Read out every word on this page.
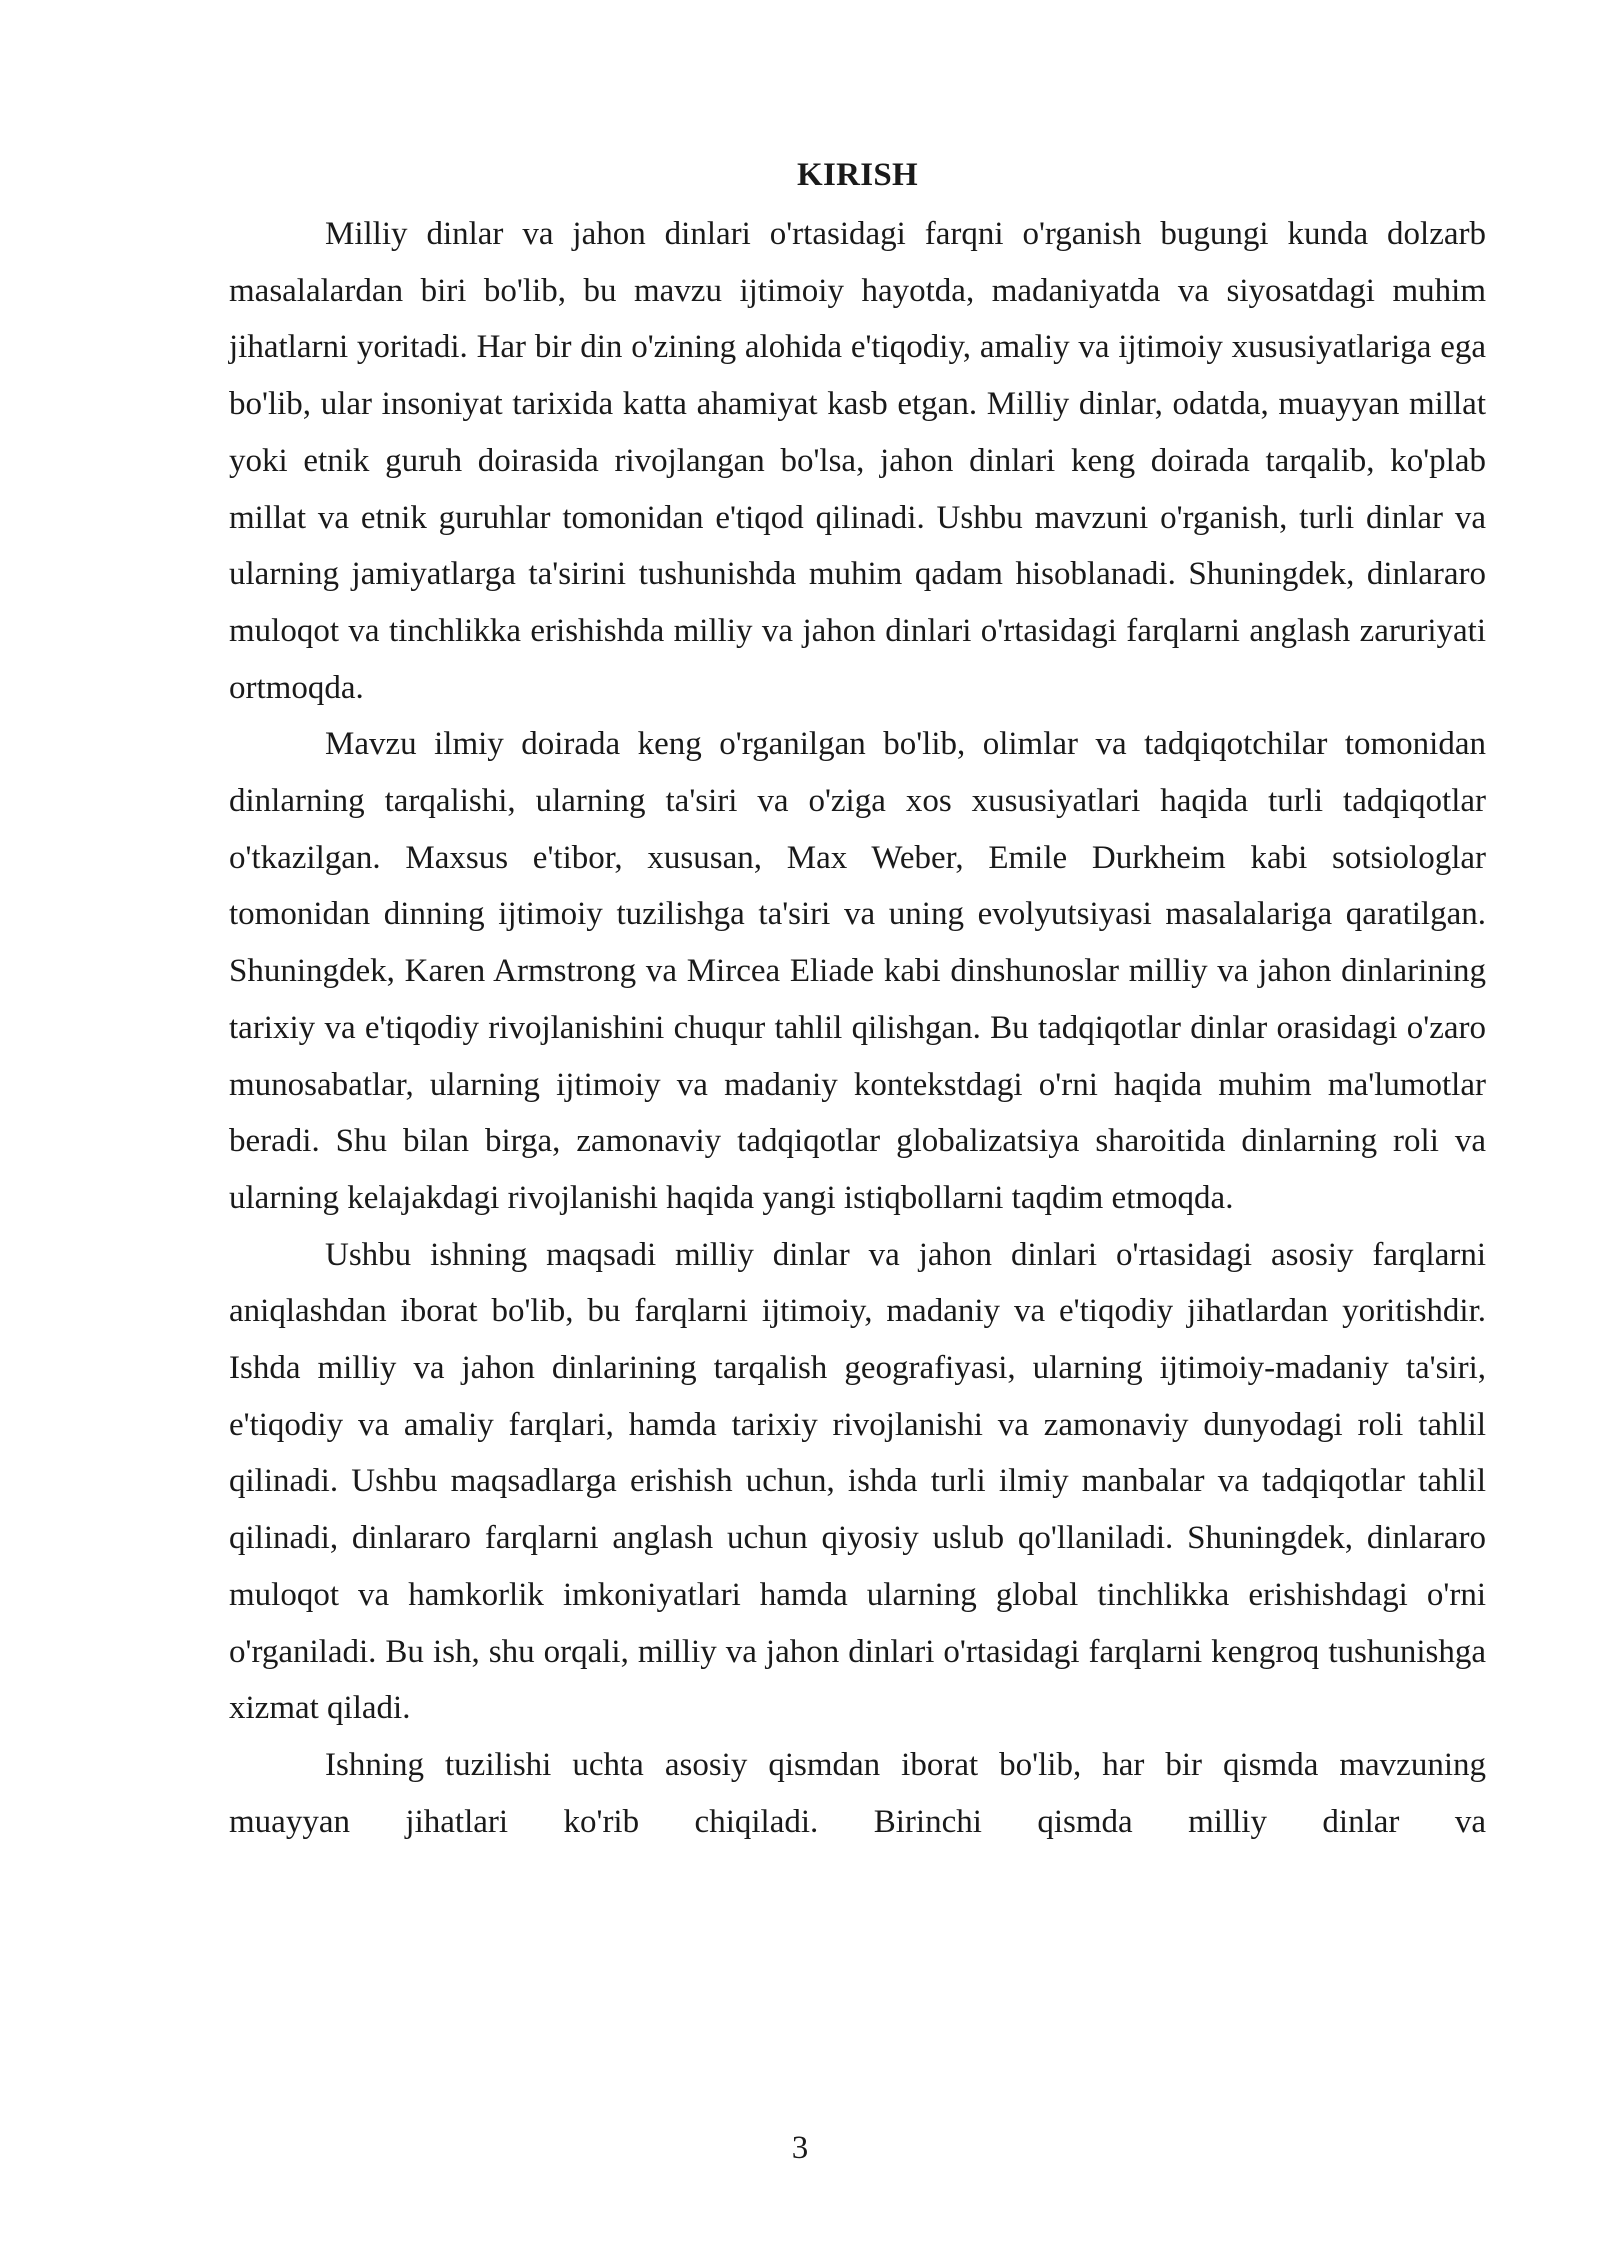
KIRISH

Milliy dinlar va jahon dinlari o'rtasidagi farqni o'rganish bugungi kunda dolzarb masalalardan biri bo'lib, bu mavzu ijtimoiy hayotda, madaniyatda va siyosatdagi muhim jihatlarni yoritadi. Har bir din o'zining alohida e'tiqodiy, amaliy va ijtimoiy xususiyatlariga ega bo'lib, ular insoniyat tarixida katta ahamiyat kasb etgan. Milliy dinlar, odatda, muayyan millat yoki etnik guruh doirasida rivojlangan bo'lsa, jahon dinlari keng doirada tarqalib, ko'plab millat va etnik guruhlar tomonidan e'tiqod qilinadi. Ushbu mavzuni o'rganish, turli dinlar va ularning jamiyatlarga ta'sirini tushunishda muhim qadam hisoblanadi. Shuningdek, dinlararo muloqot va tinchlikka erishishda milliy va jahon dinlari o'rtasidagi farqlarni anglash zaruriyati ortmoqda.

Mavzu ilmiy doirada keng o'rganilgan bo'lib, olimlar va tadqiqotchilar tomonidan dinlarning tarqalishi, ularning ta'siri va o'ziga xos xususiyatlari haqida turli tadqiqotlar o'tkazilgan. Maxsus e'tibor, xususan, Max Weber, Emile Durkheim kabi sotsiologlar tomonidan dinning ijtimoiy tuzilishga ta'siri va uning evolyutsiyasi masalalariga qaratilgan. Shuningdek, Karen Armstrong va Mircea Eliade kabi dinshunoslar milliy va jahon dinlarining tarixiy va e'tiqodiy rivojlanishini chuqur tahlil qilishgan. Bu tadqiqotlar dinlar orasidagi o'zaro munosabatlar, ularning ijtimoiy va madaniy kontekstdagi o'rni haqida muhim ma'lumotlar beradi. Shu bilan birga, zamonaviy tadqiqotlar globalizatsiya sharoitida dinlarning roli va ularning kelajakdagi rivojlanishi haqida yangi istiqbollarni taqdim etmoqda.

Ushbu ishning maqsadi milliy dinlar va jahon dinlari o'rtasidagi asosiy farqlarni aniqlashdan iborat bo'lib, bu farqlarni ijtimoiy, madaniy va e'tiqodiy jihatlardan yoritishdir. Ishda milliy va jahon dinlarining tarqalish geografiyasi, ularning ijtimoiy-madaniy ta'siri, e'tiqodiy va amaliy farqlari, hamda tarixiy rivojlanishi va zamonaviy dunyodagi roli tahlil qilinadi. Ushbu maqsadlarga erishish uchun, ishda turli ilmiy manbalar va tadqiqotlar tahlil qilinadi, dinlararo farqlarni anglash uchun qiyosiy uslub qo'llaniladi. Shuningdek, dinlararo muloqot va hamkorlik imkoniyatlari hamda ularning global tinchlikka erishishdagi o'rni o'rganiladi. Bu ish, shu orqali, milliy va jahon dinlari o'rtasidagi farqlarni kengroq tushunishga xizmat qiladi.

Ishning tuzilishi uchta asosiy qismdan iborat bo'lib, har bir qismda mavzuning muayyan jihatlari ko'rib chiqiladi. Birinchi qismda milliy dinlar va

3
